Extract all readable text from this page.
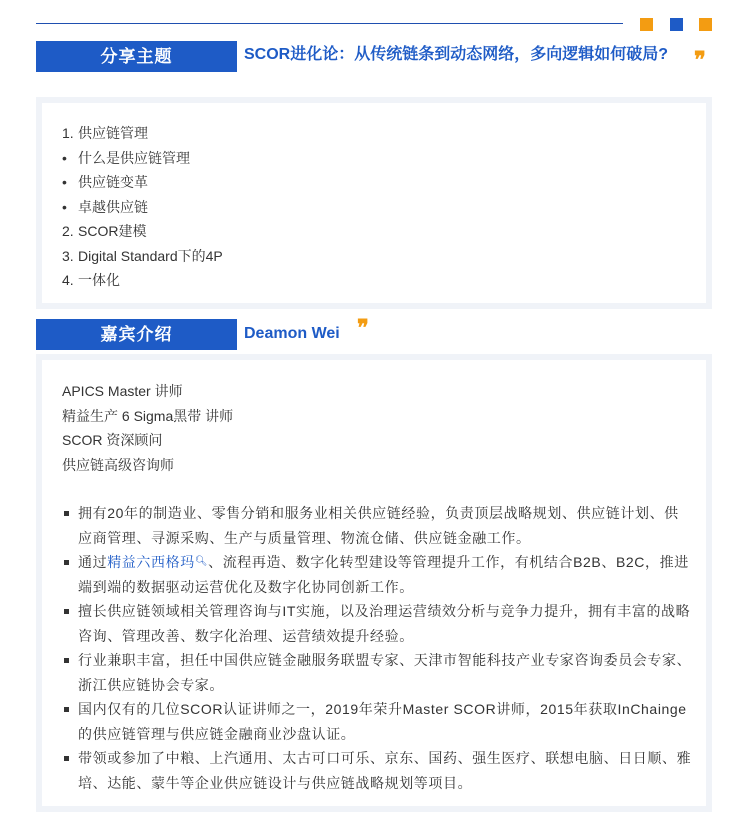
分享主题	SCOR进化论：从传统链条到动态网络，多向逻辑如何破局?	❞
1. 供应链管理
• 什么是供应链管理
• 供应链变革
• 卓越供应链
2. SCOR建模
3. Digital Standard下的4P
4. 一体化
嘉宾介绍	Deamon Wei ❞
APICS Master 讲师
精益生产 6 Sigma黑带 讲师
SCOR 资深顾问
供应链高级咨询师
拥有20年的制造业、零售分销和服务业相关供应链经验，负责顶层战略规划、供应链计划、供应商管理、寻源采购、生产与质量管理、物流仓储、供应链金融工作。
通过精益六西格玛🔍︎、流程再造、数字化转型建设等管理提升工作，有机结合B2B、B2C，推进端到端的数据驱动运营优化及数字化协同创新工作。
擅长供应链领域相关管理咨询与IT实施，以及治理运营绩效分析与竞争力提升，拥有丰富的战略咨询、管理改善、数字化治理、运营绩效提升经验。
行业兼职丰富，担任中国供应链金融服务联盟专家、天津市智能科技产业专家咨询委员会专家、浙江供应链协会专家。
国内仅有的几位SCOR认证讲师之一，2019年荣升Master SCOR讲师，2015年获取InChainge的供应链管理与供应链金融商业沙盘认证。
带领或参加了中粮、上汽通用、太古可口可乐、京东、国药、强生医疗、联想电脑、日日顺、雅培、达能、蒙牛等企业供应链设计与供应链战略规划等项目。
